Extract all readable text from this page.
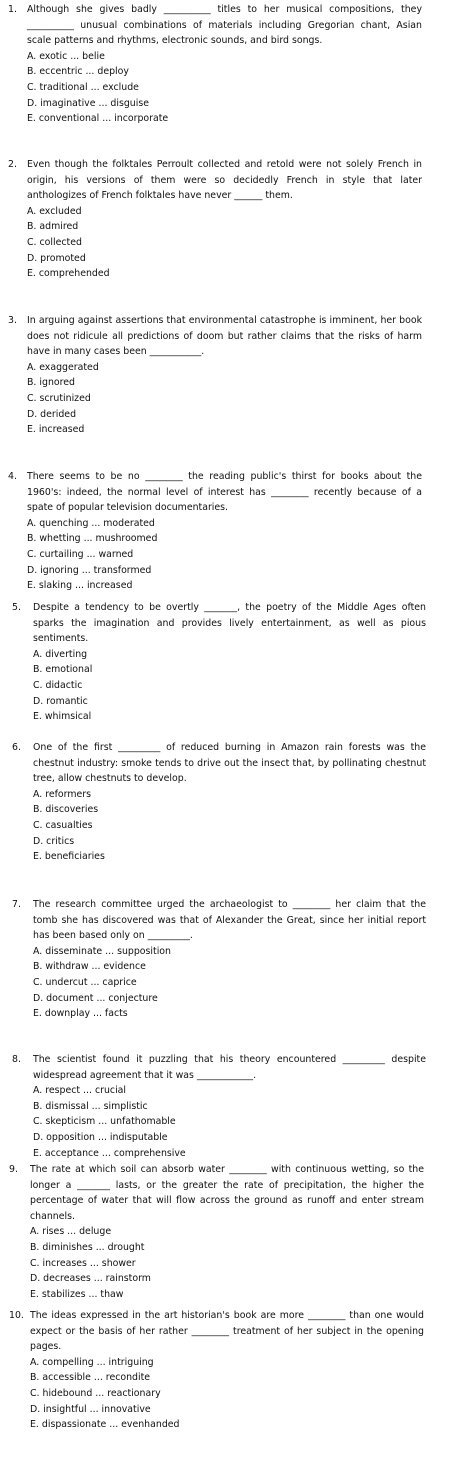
1.	Although she gives badly __________ titles to her musical compositions, they __________ unusual combinations of materials including Gregorian chant, Asian scale patterns and rhythms, electronic sounds, and bird songs.
A. exotic ... belie
B. eccentric ... deploy
C. traditional ... exclude
D. imaginative ... disguise
E. conventional ... incorporate
2.	Even though the folktales Perroult collected and retold were not solely French in origin, his versions of them were so decidedly French in style that later anthologizes of French folktales have never ______ them.
A. excluded
B. admired
C. collected
D. promoted
E. comprehended
3.	In arguing against assertions that environmental catastrophe is imminent, her book does not ridicule all predictions of doom but rather claims that the risks of harm have in many cases been ___________.
A. exaggerated
B. ignored
C. scrutinized
D. derided
E. increased
4.	There seems to be no ________ the reading public's thirst for books about the 1960's: indeed, the normal level of interest has ________ recently because of a spate of popular television documentaries.
A. quenching ... moderated
B. whetting ... mushroomed
C. curtailing ... warned
D. ignoring ... transformed
E. slaking ... increased
5.	Despite a tendency to be overtly _______, the poetry of the Middle Ages often sparks the imagination and provides lively entertainment, as well as pious sentiments.
A. diverting
B. emotional
C. didactic
D. romantic
E. whimsical
6.	One of the first _________ of reduced burning in Amazon rain forests was the chestnut industry: smoke tends to drive out the insect that, by pollinating chestnut tree, allow chestnuts to develop.
A. reformers
B. discoveries
C. casualties
D. critics
E. beneficiaries
7.	The research committee urged the archaeologist to ________ her claim that the tomb she has discovered was that of Alexander the Great, since her initial report has been based only on _________.
A. disseminate ... supposition
B. withdraw ... evidence
C. undercut ... caprice
D. document ... conjecture
E. downplay ... facts
8.	The scientist found it puzzling that his theory encountered _________ despite widespread agreement that it was ____________.
A. respect ... crucial
B. dismissal ... simplistic
C. skepticism ... unfathomable
D. opposition ... indisputable
E. acceptance ... comprehensive
9.	The rate at which soil can absorb water ________ with continuous wetting, so the longer a _______ lasts, or the greater the rate of precipitation, the higher the percentage of water that will flow across the ground as runoff and enter stream channels.
A. rises ... deluge
B. diminishes ... drought
C. increases ... shower
D. decreases ... rainstorm
E. stabilizes ... thaw
10. The ideas expressed in the art historian's book are more ________ than one would expect or the basis of her rather ________ treatment of her subject in the opening pages.
A. compelling ... intriguing
B. accessible ... recondite
C. hidebound ... reactionary
D. insightful ... innovative
E. dispassionate ... evenhanded
